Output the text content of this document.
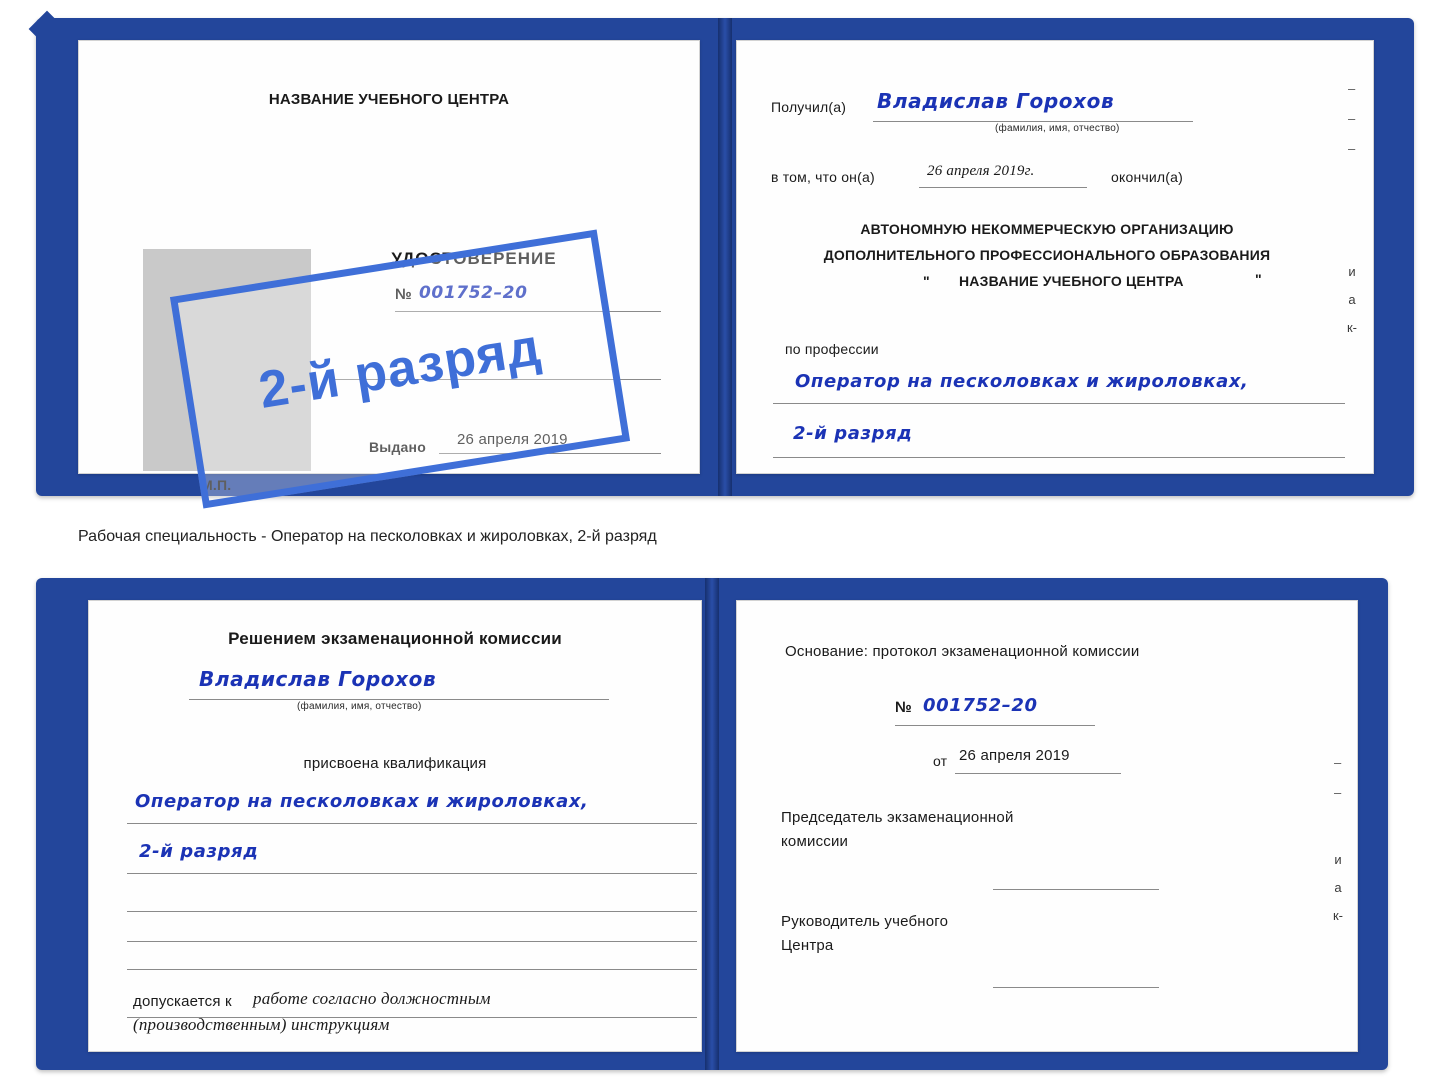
НАЗВАНИЕ УЧЕБНОГО ЦЕНТРА
УДОСТОВЕРЕНИЕ
№ 001752–20
Выдано 26 апреля 2019
М.П.
Получил(а) Владислав Горохов
(фамилия, имя, отчество)
в том, что он(а)	26 апреля 2019г.	окончил(а)
АВТОНОМНУЮ НЕКОММЕРЧЕСКУЮ ОРГАНИЗАЦИЮ
ДОПОЛНИТЕЛЬНОГО ПРОФЕССИОНАЛЬНОГО ОБРАЗОВАНИЯ
" НАЗВАНИЕ УЧЕБНОГО ЦЕНТРА	"
по профессии
Оператор на песколовках и жироловках,
2-й разряд
–
–
–
и
а
к-
Рабочая специальность - Оператор на песколовках и жироловках, 2-й разряд
Решением экзаменационной комиссии
Владислав Горохов
(фамилия, имя, отчество)
присвоена квалификация
Оператор на песколовках и жироловках,
2-й разряд
допускается к работе согласно должностным
(производственным) инструкциям
Основание: протокол экзаменационной комиссии
№ 001752–20
от 26 апреля 2019
Председатель экзаменационной
комиссии
Руководитель учебного
Центра
–
–
и
а
к-
2-й разряд
